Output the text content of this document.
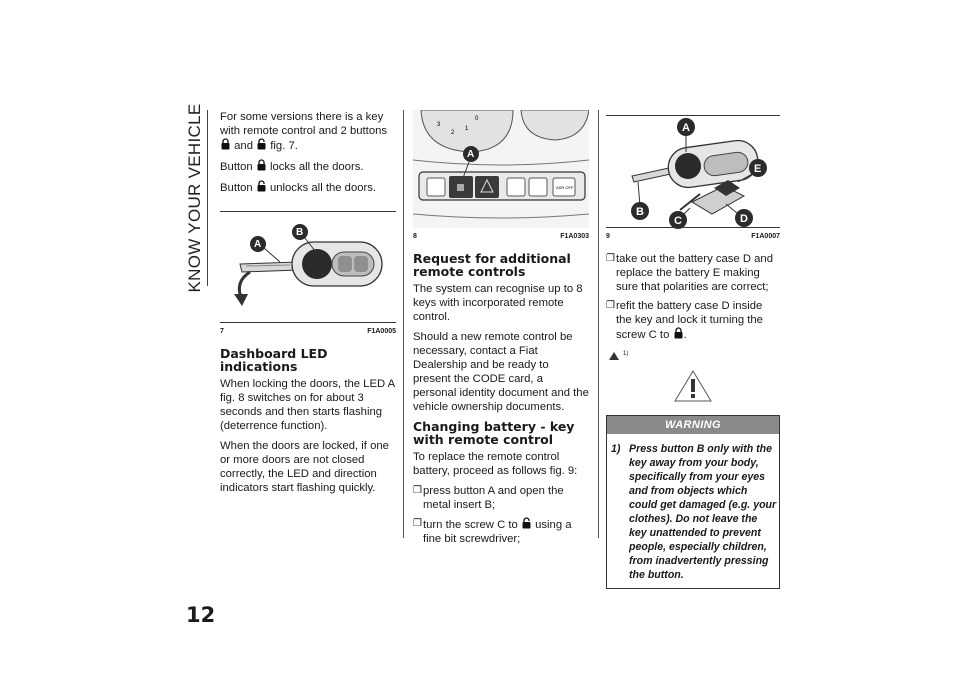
KNOW YOUR VEHICLE
12

For some versions there is a key with remote control and 2 buttons
and fig. 7.

Button locks all the doors.

Button unlocks all the doors.

A
B
7	F1A0005
Dashboard LED indications

When locking the doors, the LED A fig. 8 switches on for about 3 seconds and then starts flashing (deterrence function).

When the doors are locked, if one or more doors are not closed correctly, the LED and direction indicators start flashing quickly.

3
2
1
0
ASR OFF
A
8	F1A0303
Request for additional remote controls

The system can recognise up to 8 keys with incorporated remote control.

Should a new remote control be necessary, contact a Fiat Dealership and be ready to present the CODE card, a personal identity document and the vehicle ownership documents.

Changing battery - key with remote control

To replace the remote control battery, proceed as follows fig. 9:

❒ press button A and open the metal insert B;
❒ turn the screw C to using a fine bit screwdriver;
A
E
B
C	D
9	F1A0007
❒ take out the battery case D and replace the battery E making sure that polarities are correct;
❒ refit the battery case D inside the key and lock it turning the screw C to .
1)
WARNING
1) Press button B only with the key away from your body, specifically from your eyes and from objects which could get damaged (e.g. your clothes). Do not leave the key unattended to prevent people, especially children, from inadvertently pressing the button.
